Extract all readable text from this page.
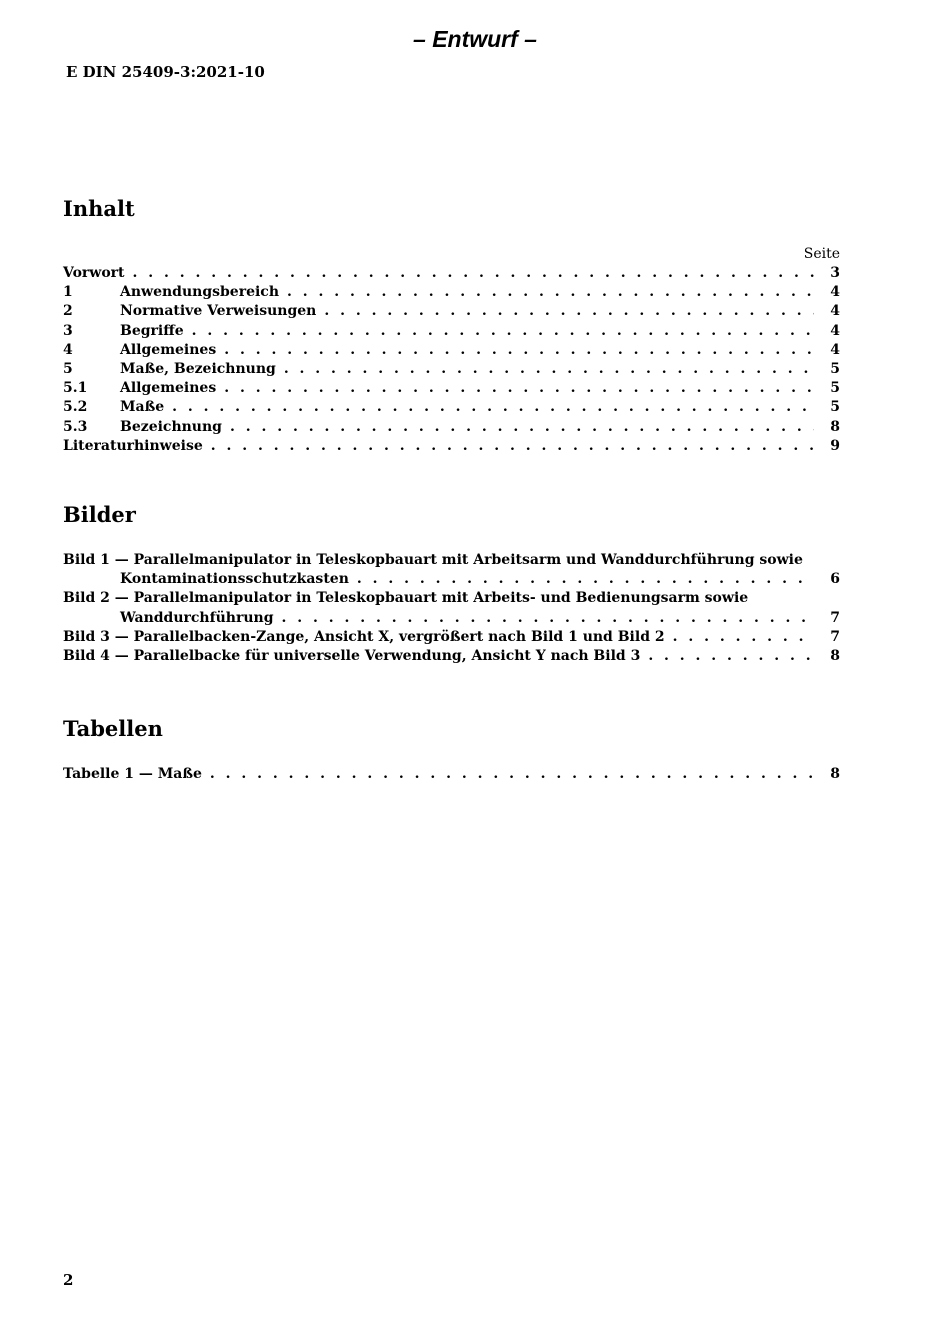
– Entwurf –
E DIN 25409-3:2021-10
Inhalt
Seite
Vorwort . . .	3
1	Anwendungsbereich . . .	4
2	Normative Verweisungen . . .	4
3	Begriffe . . .	4
4	Allgemeines . . .	4
5	Maße, Bezeichnung . . .	5
5.1	Allgemeines . . .	5
5.2	Maße . . .	5
5.3	Bezeichnung . . .	8
Literaturhinweise . . .	9
Bilder
Bild 1 — Parallelmanipulator in Teleskopbauart mit Arbeitsarm und Wanddurchführung sowie
Kontaminationsschutzkasten . . .	6
Bild 2 — Parallelmanipulator in Teleskopbauart mit Arbeits- und Bedienungsarm sowie
Wanddurchführung . . .	7
Bild 3 — Parallelbacken-Zange, Ansicht X, vergrößert nach Bild 1 und Bild 2 . . .	7
Bild 4 — Parallelbacke für universelle Verwendung, Ansicht Y nach Bild 3 . . .	8
Tabellen
Tabelle 1 — Maße . . .	8
2
